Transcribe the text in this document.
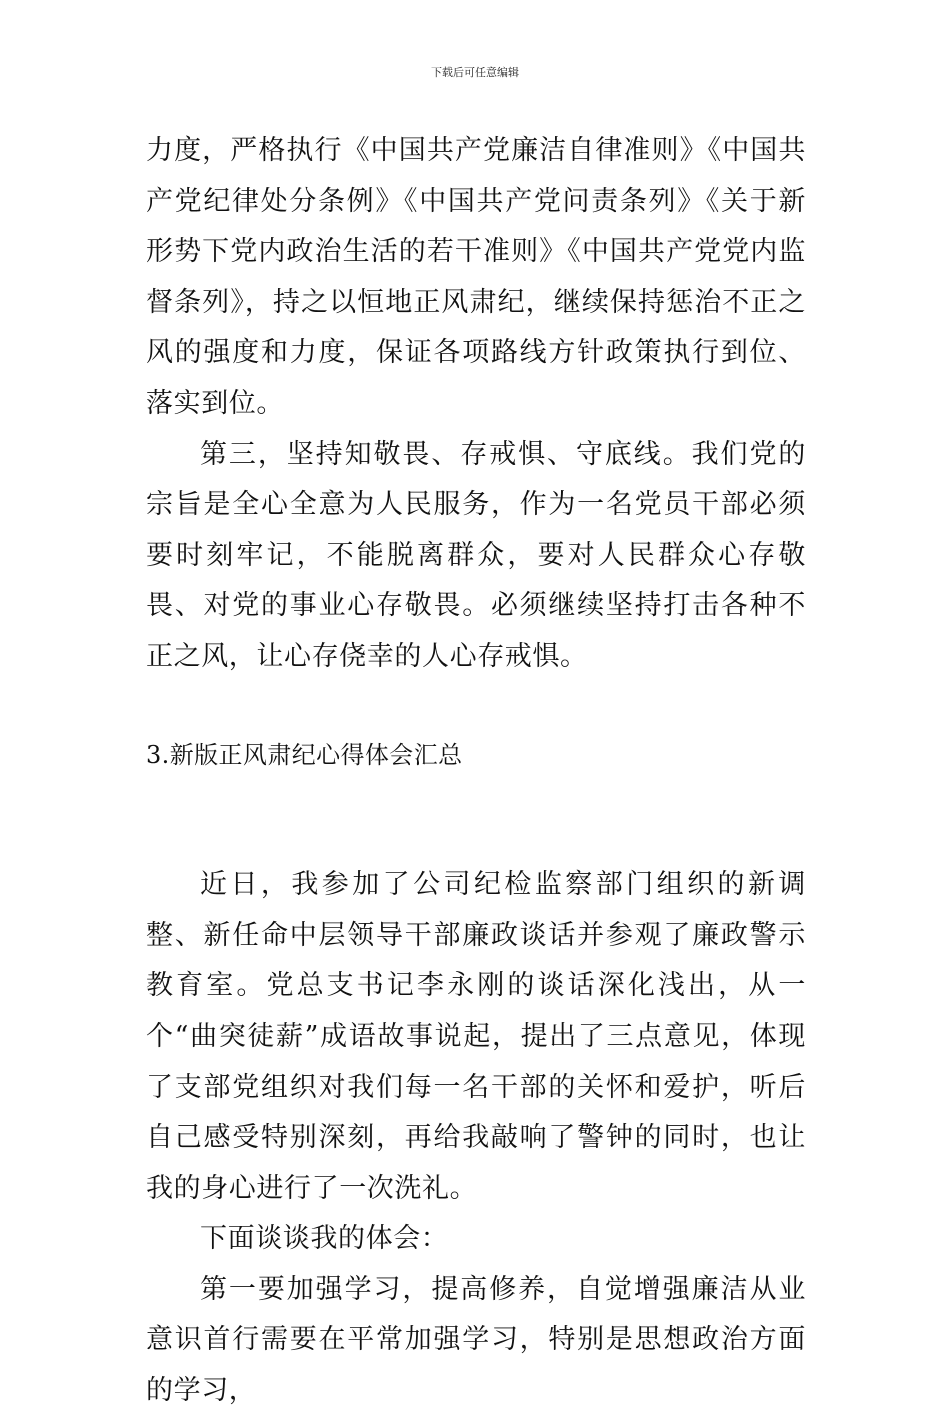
下载后可任意编辑

力度，严格执行《中国共产党廉洁自律准则》《中国共产党纪律处分条例》《中国共产党问责条列》《关于新形势下党内政治生活的若干准则》《中国共产党党内监督条列》，持之以恒地正风肃纪，继续保持惩治不正之风的强度和力度，保证各项路线方针政策执行到位、落实到位。

第三，坚持知敬畏、存戒惧、守底线。我们党的宗旨是全心全意为人民服务，作为一名党员干部必须要时刻牢记，不能脱离群众，要对人民群众心存敬畏、对党的事业心存敬畏。必须继续坚持打击各种不正之风，让心存侥幸的人心存戒惧。

3.新版正风肃纪心得体会汇总

近日，我参加了公司纪检监察部门组织的新调整、新任命中层领导干部廉政谈话并参观了廉政警示教育室。党总支书记李永刚的谈话深化浅出，从一个“曲突徒薪”成语故事说起，提出了三点意见，体现了支部党组织对我们每一名干部的关怀和爱护，听后自己感受特别深刻，再给我敲响了警钟的同时，也让我的身心进行了一次洗礼。

下面谈谈我的体会：

第一要加强学习，提高修养，自觉增强廉洁从业意识首行需要在平常加强学习，特别是思想政治方面的学习，
